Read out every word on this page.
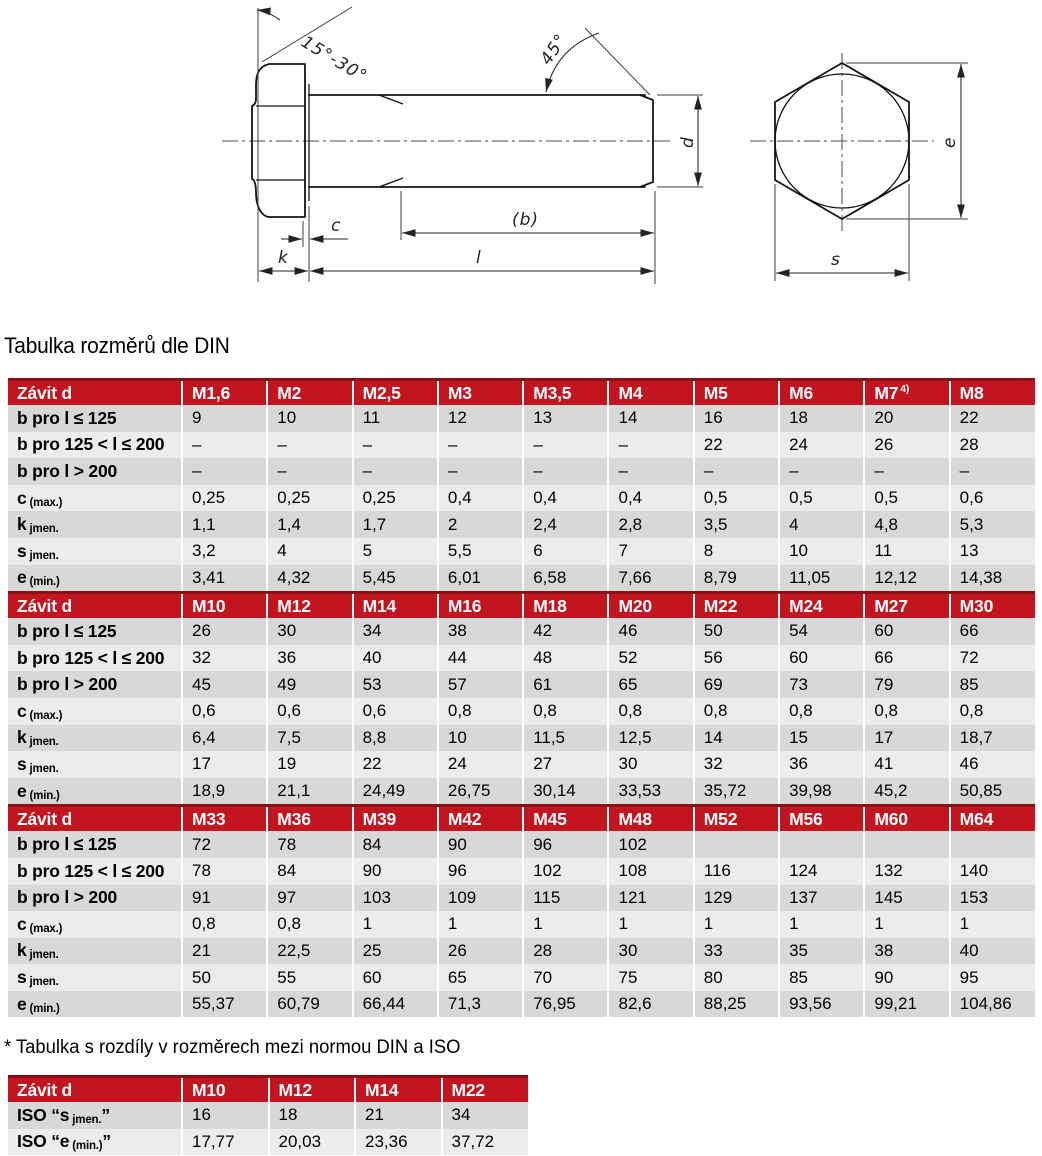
15°-30°	45°
d
(b)
c
k	l
e
s
Tabulka rozměrů dle DIN
Závit d	M1,6	M2	M2,5	M3	M3,5	M4	M5	M6	M7 $^{4)}$	M8
b pro l ≤ 125	9	10	11	12	13	14	16	18	20	22
b pro 125 < l ≤ 200	–	–	–	–	–	–	22	24	26	28
b pro l > 200	–	–	–	–	–	–	–	–	–	–
c (max.)	0,25	0,25	0,25	0,4	0,4	0,4	0,5	0,5	0,5	0,6
k jmen.	1,1	1,4	1,7	2	2,4	2,8	3,5	4	4,8	5,3
s jmen.	3,2	4	5	5,5	6	7	8	10	11	13
e (min.)	3,41	4,32	5,45	6,01	6,58	7,66	8,79	11,05	12,12	14,38
Závit d	M10	M12	M14	M16	M18	M20	M22	M24	M27	M30
b pro l ≤ 125	26	30	34	38	42	46	50	54	60	66
b pro 125 < l ≤ 200	32	36	40	44	48	52	56	60	66	72
b pro l > 200	45	49	53	57	61	65	69	73	79	85
c (max.)	0,6	0,6	0,6	0,8	0,8	0,8	0,8	0,8	0,8	0,8
k jmen.	6,4	7,5	8,8	10	11,5	12,5	14	15	17	18,7
s jmen.	17	19	22	24	27	30	32	36	41	46
e (min.)	18,9	21,1	24,49	26,75	30,14	33,53	35,72	39,98	45,2	50,85
Závit d	M33	M36	M39	M42	M45	M48	M52	M56	M60	M64
b pro l ≤ 125	72	78	84	90	96	102				
b pro 125 < l ≤ 200	78	84	90	96	102	108	116	124	132	140
b pro l > 200	91	97	103	109	115	121	129	137	145	153
c (max.)	0,8	0,8	1	1	1	1	1	1	1	1
k jmen.	21	22,5	25	26	28	30	33	35	38	40
s jmen.	50	55	60	65	70	75	80	85	90	95
e (min.)	55,37	60,79	66,44	71,3	76,95	82,6	88,25	93,56	99,21	104,86
* Tabulka s rozdíly v rozměrech mezi normou DIN a ISO
Závit d	M10	M12	M14	M22
ISO “s jmen.”	16	18	21	34
ISO “e (min.)”	17,77	20,03	23,36	37,72
